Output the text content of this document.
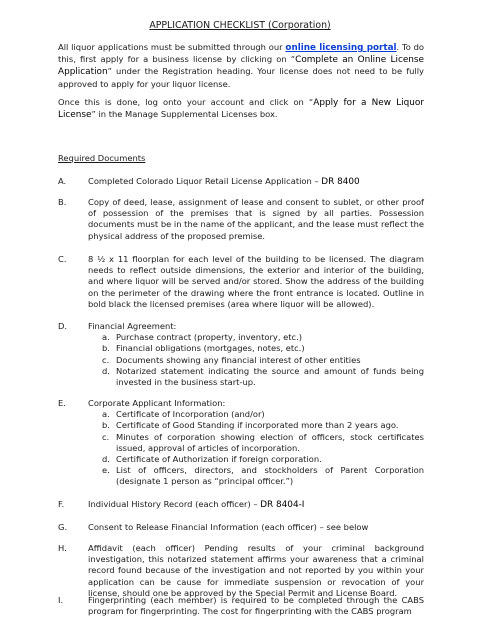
APPLICATION CHECKLIST (Corporation)
All liquor applications must be submitted through our online licensing portal. To do this, first apply for a business license by clicking on “Complete an Online License Application” under the Registration heading. Your license does not need to be fully approved to apply for your liquor license.
Once this is done, log onto your account and click on “Apply for a New Liquor License” in the Manage Supplemental Licenses box.
Required Documents
A.	Completed Colorado Liquor Retail License Application – DR 8400
B.	Copy of deed, lease, assignment of lease and consent to sublet, or other proof of possession of the premises that is signed by all parties. Possession documents must be in the name of the applicant, and the lease must reflect the physical address of the proposed premise.
C.	8 ½ x 11 floorplan for each level of the building to be licensed. The diagram needs to reflect outside dimensions, the exterior and interior of the building, and where liquor will be served and/or stored. Show the address of the building on the perimeter of the drawing where the front entrance is located. Outline in bold black the licensed premises (area where liquor will be allowed).
D.	Financial Agreement:
a. Purchase contract (property, inventory, etc.)
b. Financial obligations (mortgages, notes, etc.)
c. Documents showing any financial interest of other entities
d. Notarized statement indicating the source and amount of funds being invested in the business start-up.
E.	Corporate Applicant Information:
a. Certificate of Incorporation (and/or)
b. Certificate of Good Standing if incorporated more than 2 years ago.
c. Minutes of corporation showing election of officers, stock certificates issued, approval of articles of incorporation.
d. Certificate of Authorization if foreign corporation.
e. List of officers, directors, and stockholders of Parent Corporation (designate 1 person as “principal officer.”)
F.	Individual History Record (each officer) – DR 8404-I
G.	Consent to Release Financial Information (each officer) – see below
H.	Affidavit (each officer) Pending results of your criminal background investigation, this notarized statement affirms your awareness that a criminal record found because of the investigation and not reported by you within your application can be cause for immediate suspension or revocation of your license, should one be approved by the Special Permit and License Board.
I.	Fingerprinting (each member) is required to be completed through the CABS program for fingerprinting. The cost for fingerprinting with the CABS program
